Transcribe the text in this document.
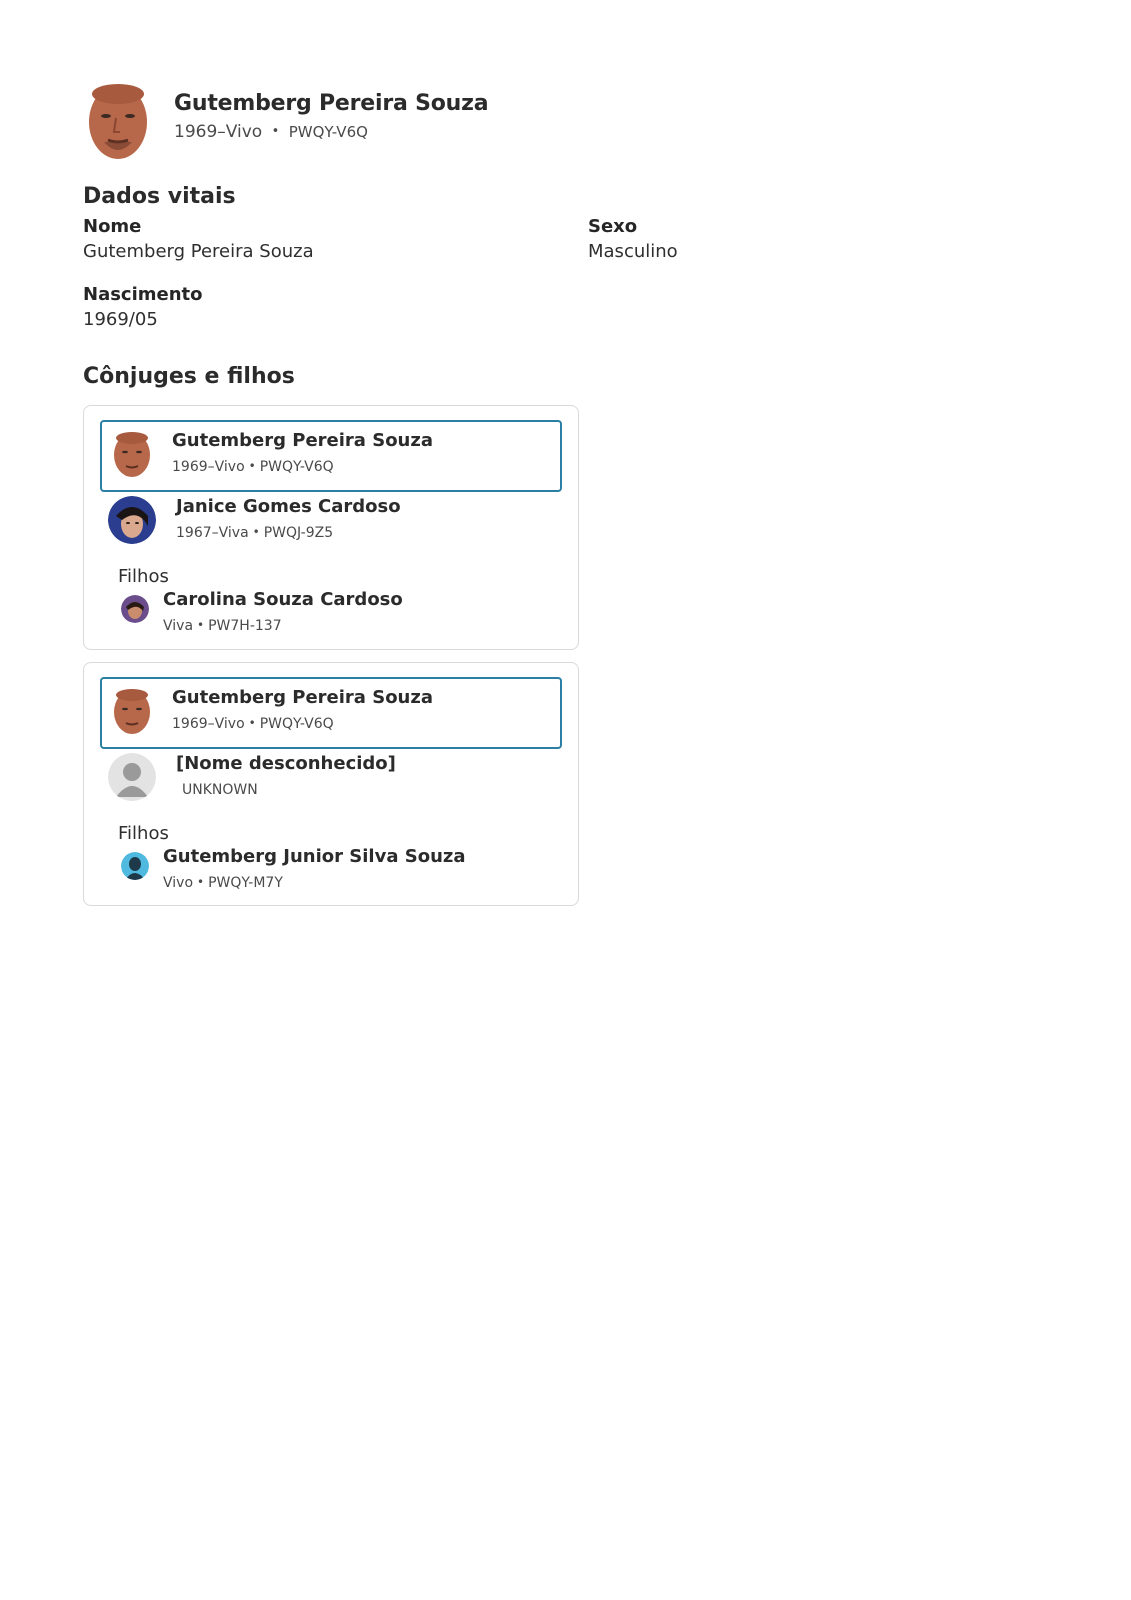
Gutemberg Pereira Souza
1969–Vivo • PWQY-V6Q
Dados vitais
Nome
Gutemberg Pereira Souza
Sexo
Masculino
Nascimento
1969/05
Cônjuges e filhos
Gutemberg Pereira Souza
1969–Vivo • PWQY-V6Q
Janice Gomes Cardoso
1967–Viva • PWQJ-9Z5
Filhos
Carolina Souza Cardoso
Viva • PW7H-137
Gutemberg Pereira Souza
1969–Vivo • PWQY-V6Q
[Nome desconhecido]
UNKNOWN
Filhos
Gutemberg Junior Silva Souza
Vivo • PWQY-M7Y
